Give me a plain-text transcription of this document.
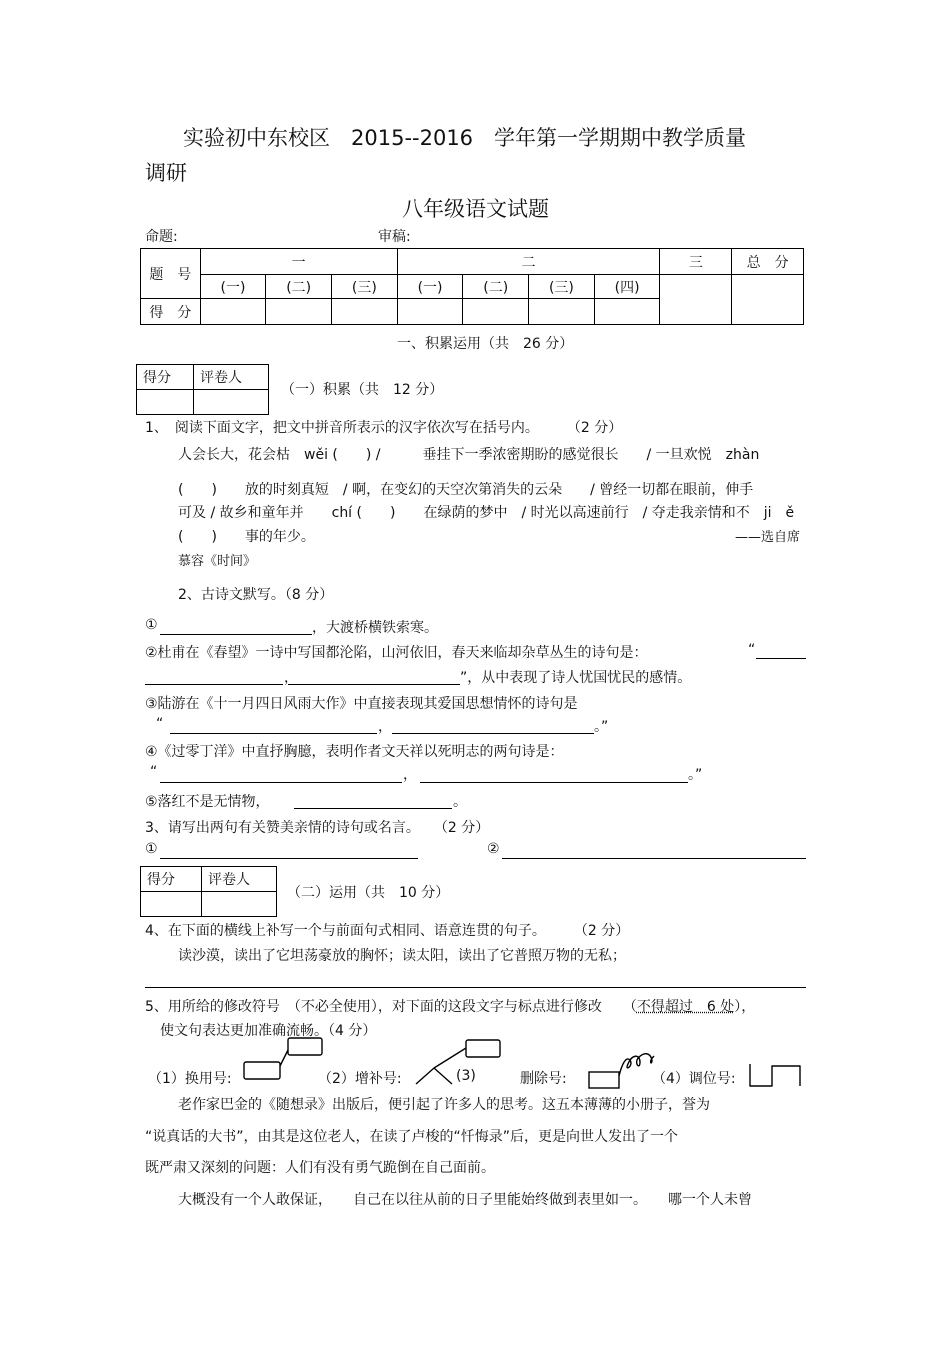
实验初中东校区　2015--2016　学年第一学期期中教学质量
调研
八年级语文试题
命题:	审稿:
题　号	一			二				三	总　分
	(一)	(二)	(三)	(一)	(二)	(三)	(四)		
得　分									
一、积累运用（共　26 分）
得分	评卷人

（一）积累（共　12 分）
1、　阅读下面文字，把文中拼音所表示的汉字依次写在括号内。　　　（2 分）
人会长大，花会枯　wěi (　　) /　　　垂挂下一季浓密期盼的感觉很长　　/ 一旦欢悦　zhàn
(　　)　　放的时刻真短　/ 啊，在变幻的天空次第消失的云朵　　/ 曾经一切都在眼前，伸手
可及 / 故乡和童年并　　chí (　　)　　在绿荫的梦中　/ 时光以高速前行　/ 夺走我亲情和不　ji　ě
(　　)　　事的年少。	——选自席
慕容《时间》
2、古诗文默写。（8 分）
①	，大渡桥横铁索寒。
②杜甫在《春望》一诗中写国都沦陷，山河依旧，春天来临却杂草丛生的诗句是：	“
，	”，从中表现了诗人忧国忧民的感情。
③陆游在《十一月四日风雨大作》中直接表现其爱国思想情怀的诗句是
“	，	。”
④《过零丁洋》中直抒胸臆，表明作者文天祥以死明志的两句诗是：
“	，	。”
⑤落红不是无情物，	。
3、请写出两句有关赞美亲情的诗句或名言。　　（2 分）
①	②
得分	评卷人

（二）运用（共　10 分）
4、在下面的横线上补写一个与前面句式相同、语意连贯的句子。　　　（2 分）
读沙漠，读出了它坦荡豪放的胸怀；读太阳，读出了它普照万物的无私；
5、用所给的修改符号　（不必全使用），对下面的这段文字与标点进行修改　　（不得超过　6 处），
使文句表达更加准确流畅。（4 分）
（1）换用号:	（2）增补号:	(3)	删除号:	（4）调位号:
老作家巴金的《随想录》出版后，便引起了许多人的思考。这五本薄薄的小册子，誉为
“说真话的大书”，由其是这位老人，在读了卢梭的“忏悔录”后，更是向世人发出了一个
既严肃又深刻的问题：人们有没有勇气跪倒在自己面前。
大概没有一个人敢保证，　　自己在以往从前的日子里能始终做到表里如一。　　哪一个人未曾
